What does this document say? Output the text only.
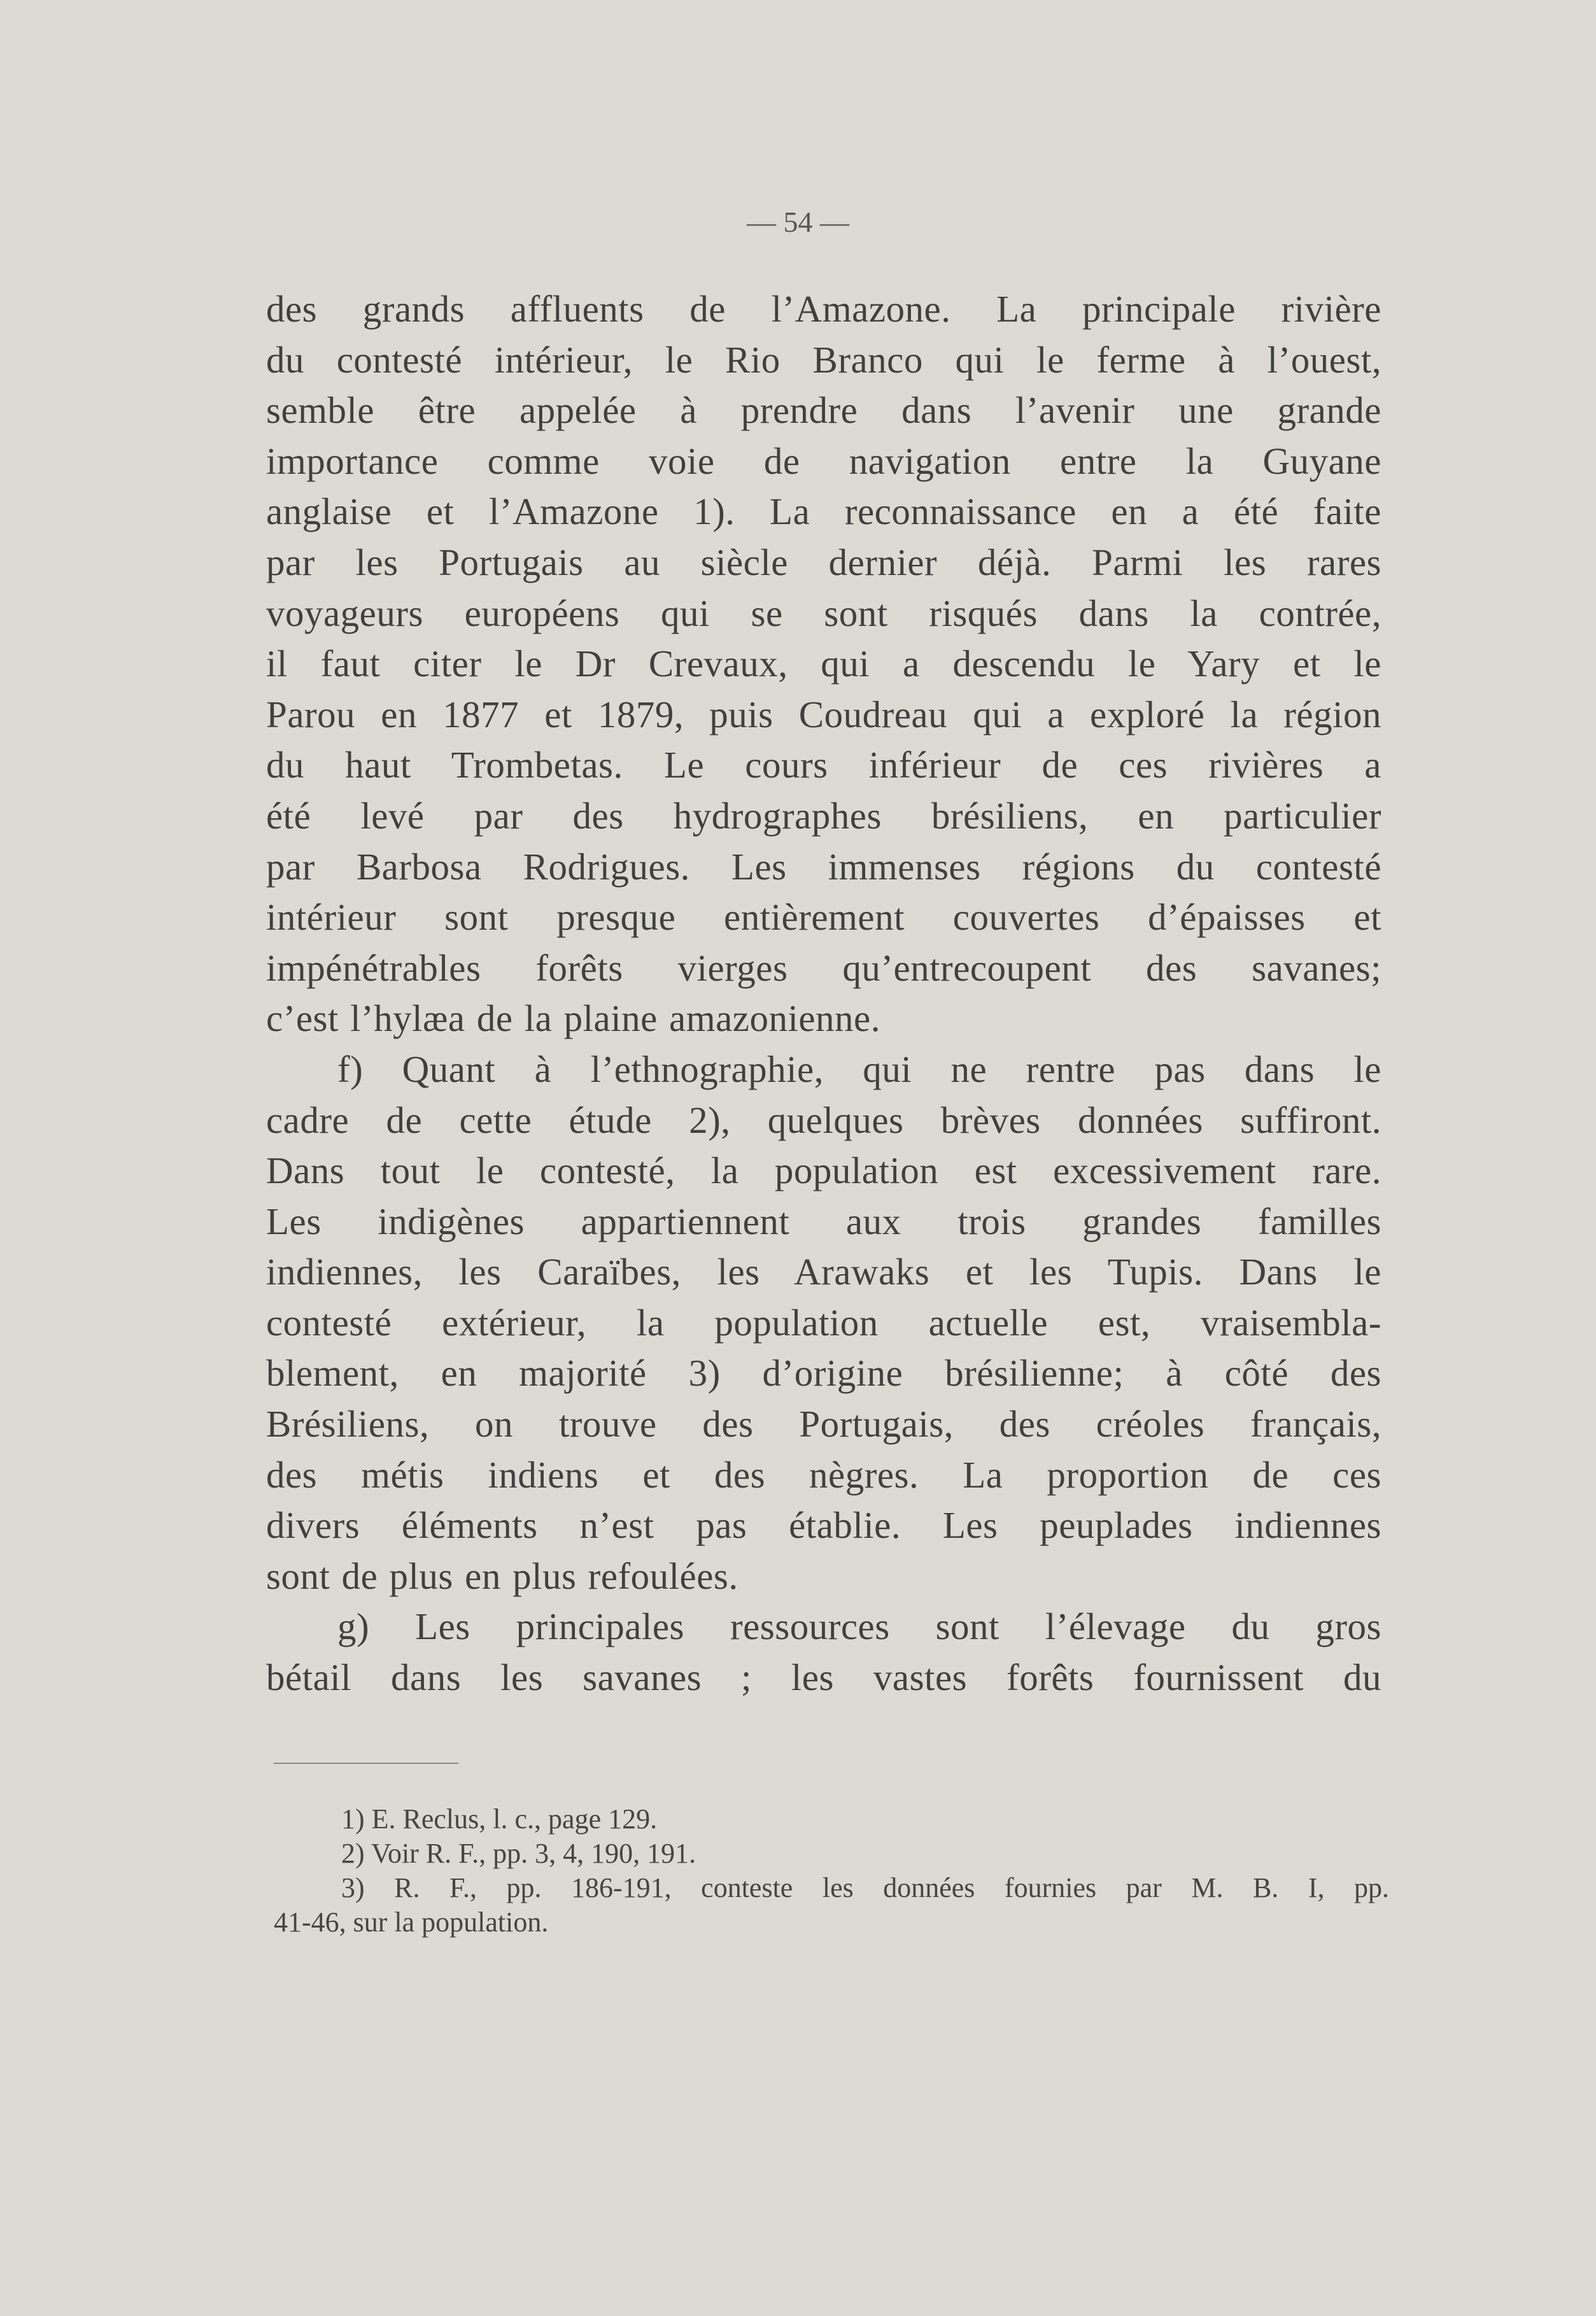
— 54 —
des grands affluents de l’Amazone. La principale rivière
du contesté intérieur, le Rio Branco qui le ferme à l’ouest,
semble être appelée à prendre dans l’avenir une grande
importance comme voie de navigation entre la Guyane
anglaise et l’Amazone 1). La reconnaissance en a été faite
par les Portugais au siècle dernier déjà. Parmi les rares
voyageurs européens qui se sont risqués dans la contrée,
il faut citer le Dr Crevaux, qui a descendu le Yary et le
Parou en 1877 et 1879, puis Coudreau qui a exploré la région
du haut Trombetas. Le cours inférieur de ces rivières a
été levé par des hydrographes brésiliens, en particulier
par Barbosa Rodrigues. Les immenses régions du contesté
intérieur sont presque entièrement couvertes d’épaisses et
impénétrables forêts vierges qu’entrecoupent des savanes;
c’est l’hylæa de la plaine amazonienne.
f) Quant à l’ethnographie, qui ne rentre pas dans le
cadre de cette étude 2), quelques brèves données suffiront.
Dans tout le contesté, la population est excessivement rare.
Les indigènes appartiennent aux trois grandes familles
indiennes, les Caraïbes, les Arawaks et les Tupis. Dans le
contesté extérieur, la population actuelle est, vraisembla-
blement, en majorité 3) d’origine brésilienne; à côté des
Brésiliens, on trouve des Portugais, des créoles français,
des métis indiens et des nègres. La proportion de ces
divers éléments n’est pas établie. Les peuplades indiennes
sont de plus en plus refoulées.
g) Les principales ressources sont l’élevage du gros
bétail dans les savanes ; les vastes forêts fournissent du
1) E. Reclus, l. c., page 129.
2) Voir R. F., pp. 3, 4, 190, 191.
3) R. F., pp. 186-191, conteste les données fournies par M. B. I, pp.
41-46, sur la population.
